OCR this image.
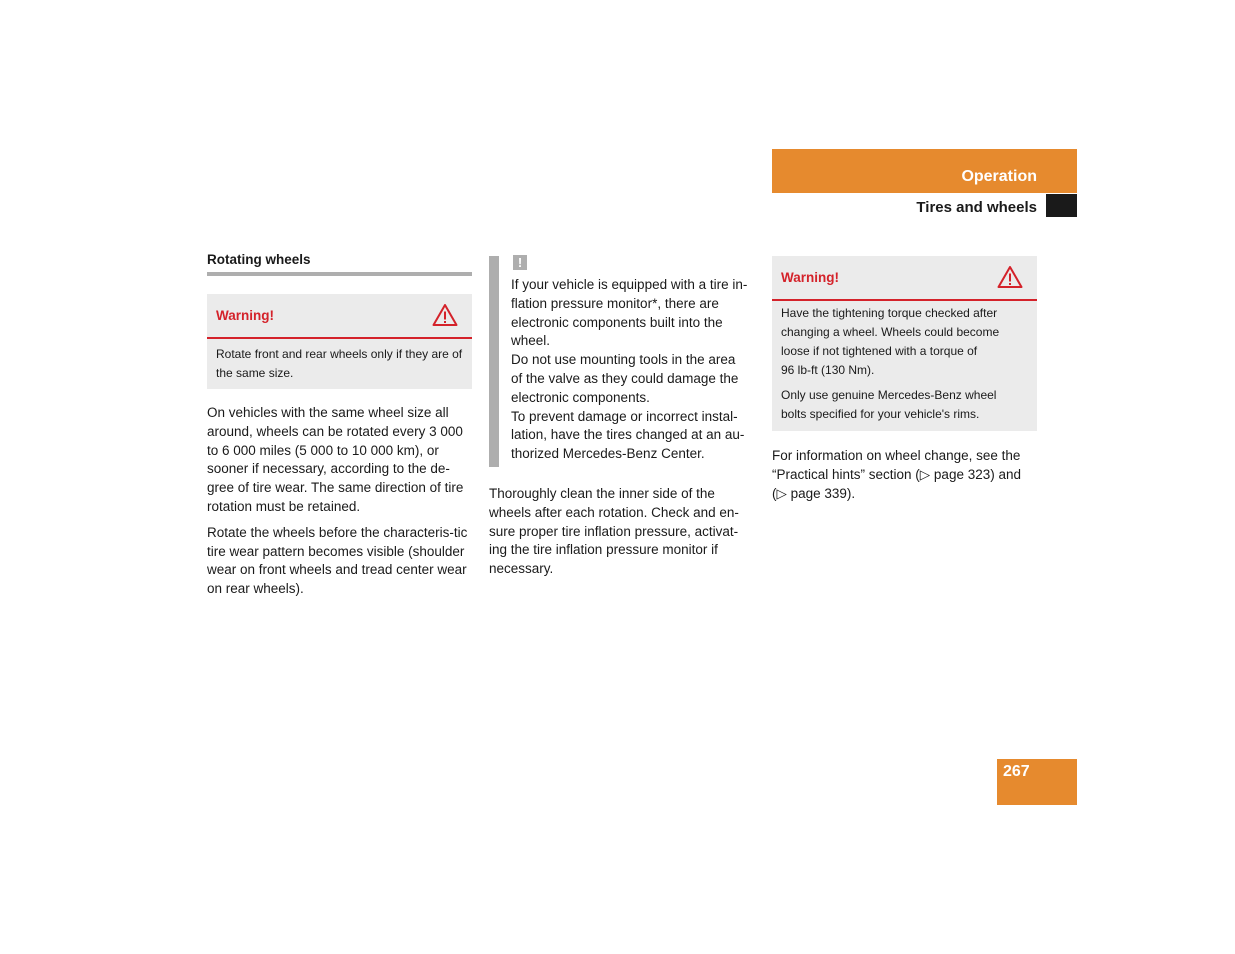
Operation
Tires and wheels
Rotating wheels
Warning!

Rotate front and rear wheels only if they are of the same size.

On vehicles with the same wheel size all around, wheels can be rotated every 3 000 to 6 000 miles (5 000 to 10 000 km), or sooner if necessary, according to the de-gree of tire wear. The same direction of tire rotation must be retained.

Rotate the wheels before the characteris-tic tire wear pattern becomes visible (shoulder wear on front wheels and tread center wear on rear wheels).

!
If your vehicle is equipped with a tire in-
flation pressure monitor*, there are
electronic components built into the
wheel.
Do not use mounting tools in the area
of the valve as they could damage the
electronic components.
To prevent damage or incorrect instal-
lation, have the tires changed at an au-
thorized Mercedes-Benz Center.
Thoroughly clean the inner side of the
wheels after each rotation. Check and en-
sure proper tire inflation pressure, activat-
ing the tire inflation pressure monitor if
necessary.
Warning!

Have the tightening torque checked after
changing a wheel. Wheels could become
loose if not tightened with a torque of
96 lb-ft (130 Nm).

Only use genuine Mercedes-Benz wheel
bolts specified for your vehicle's rims.

For information on wheel change, see the
“Practical hints” section (▷ page 323) and
(▷ page 339).
267
